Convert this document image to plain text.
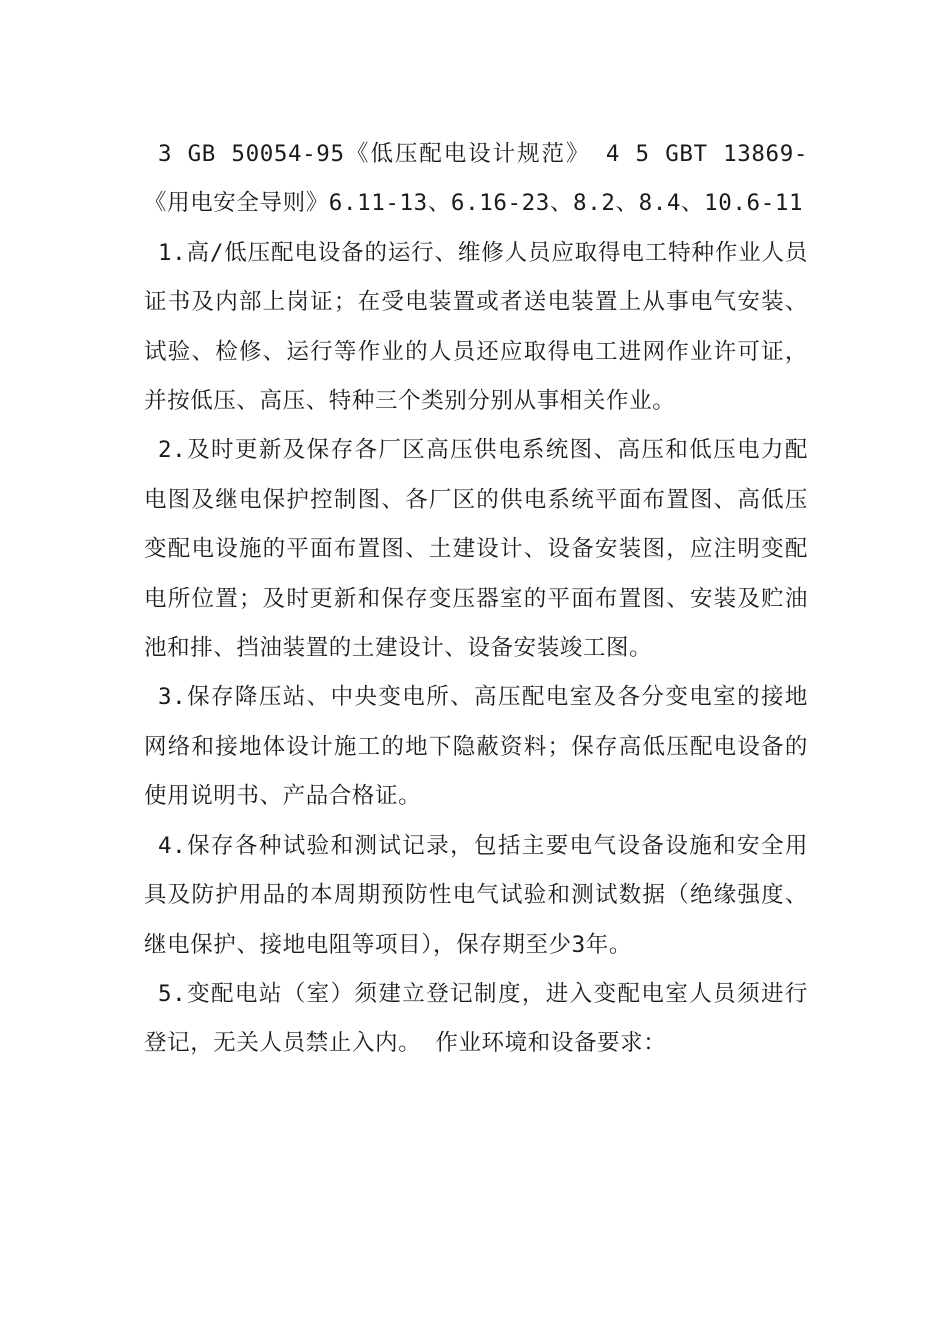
3 GB 50054-95《低压配电设计规范》 4 5 GBT 13869-《用电安全导则》6.11-13、6.16-23、8.2、8.4、10.6-11

1.高/低压配电设备的运行、维修人员应取得电工特种作业人员证书及内部上岗证；在受电装置或者送电装置上从事电气安装、试验、检修、运行等作业的人员还应取得电工进网作业许可证，并按低压、高压、特种三个类别分别从事相关作业。

2.及时更新及保存各厂区高压供电系统图、高压和低压电力配电图及继电保护控制图、各厂区的供电系统平面布置图、高低压变配电设施的平面布置图、土建设计、设备安装图，应注明变配电所位置；及时更新和保存变压器室的平面布置图、安装及贮油池和排、挡油装置的土建设计、设备安装竣工图。

3.保存降压站、中央变电所、高压配电室及各分变电室的接地网络和接地体设计施工的地下隐蔽资料；保存高低压配电设备的使用说明书、产品合格证。

4.保存各种试验和测试记录，包括主要电气设备设施和安全用具及防护用品的本周期预防性电气试验和测试数据（绝缘强度、继电保护、接地电阻等项目），保存期至少3年。

5.变配电站（室）须建立登记制度，进入变配电室人员须进行登记，无关人员禁止入内。 作业环境和设备要求：
